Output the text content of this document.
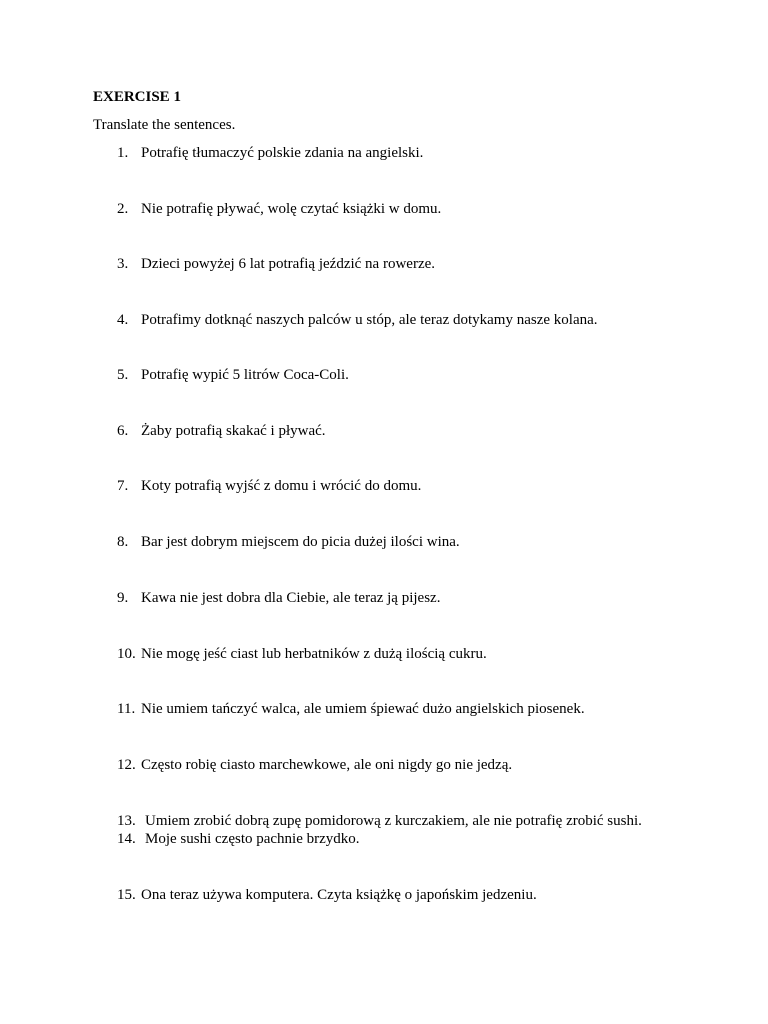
EXERCISE 1
Translate the sentences.
1. Potrafię tłumaczyć polskie zdania na angielski.
2. Nie potrafię pływać, wolę czytać książki w domu.
3. Dzieci powyżej 6 lat potrafią jeździć na rowerze.
4. Potrafimy dotknąć naszych palców u stóp, ale teraz dotykamy nasze kolana.
5. Potrafię wypić 5 litrów Coca-Coli.
6. Żaby potrafią skakać i pływać.
7. Koty potrafią wyjść z domu i wrócić do domu.
8. Bar jest dobrym miejscem do picia dużej ilości wina.
9. Kawa nie jest dobra dla Ciebie, ale teraz ją pijesz.
10. Nie mogę jeść ciast lub herbatników z dużą ilością cukru.
11. Nie umiem tańczyć walca, ale umiem śpiewać dużo angielskich piosenek.
12. Często robię ciasto marchewkowe, ale oni nigdy go nie jedzą.
13. Umiem zrobić dobrą zupę pomidorową z kurczakiem, ale nie potrafię zrobić sushi.
14. Moje sushi często pachnie brzydko.
15. Ona teraz używa komputera. Czyta książkę o japońskim jedzeniu.
